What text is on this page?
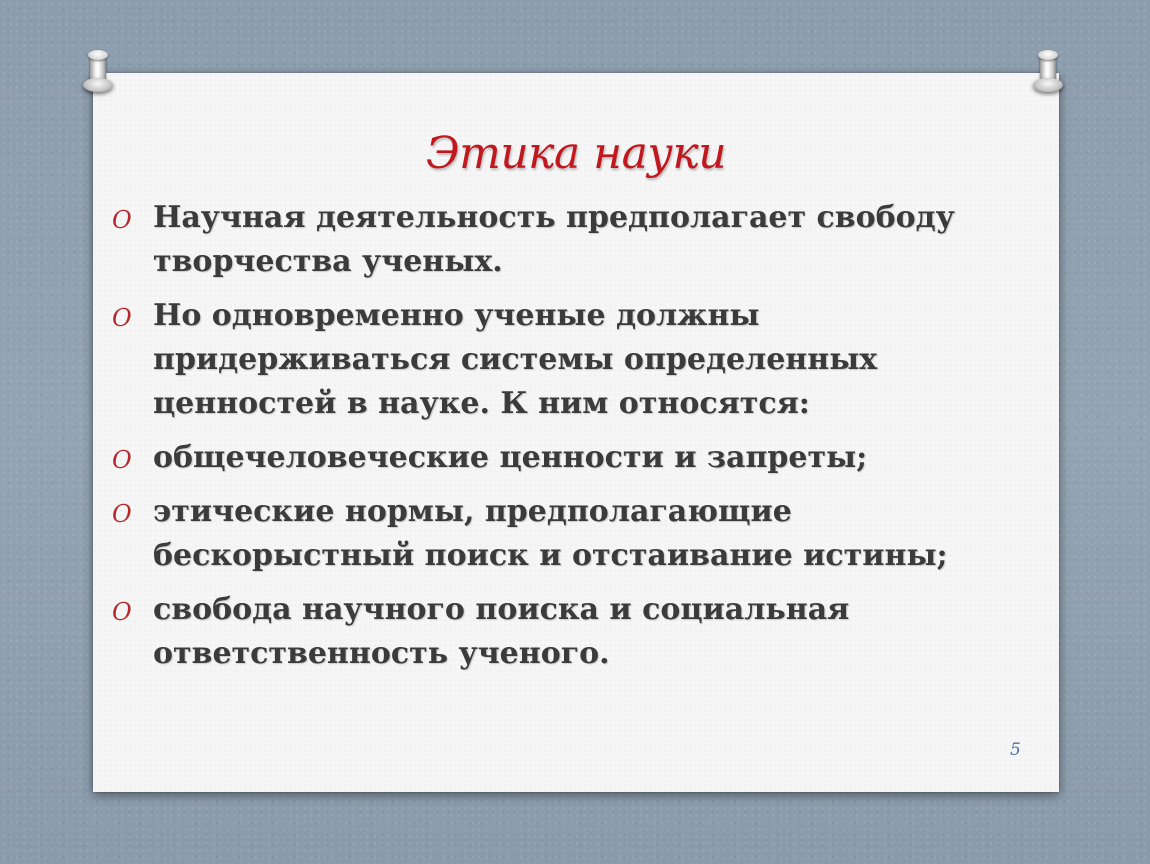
Этика науки
O Научная деятельность предполагает свободу творчества ученых.
O Но одновременно ученые должны придерживаться системы определенных ценностей в науке. К ним относятся:
O общечеловеческие ценности и запреты;
O этические нормы, предполагающие бескорыстный поиск и отстаивание истины;
O свобода научного поиска и социальная ответственность ученого.
5
